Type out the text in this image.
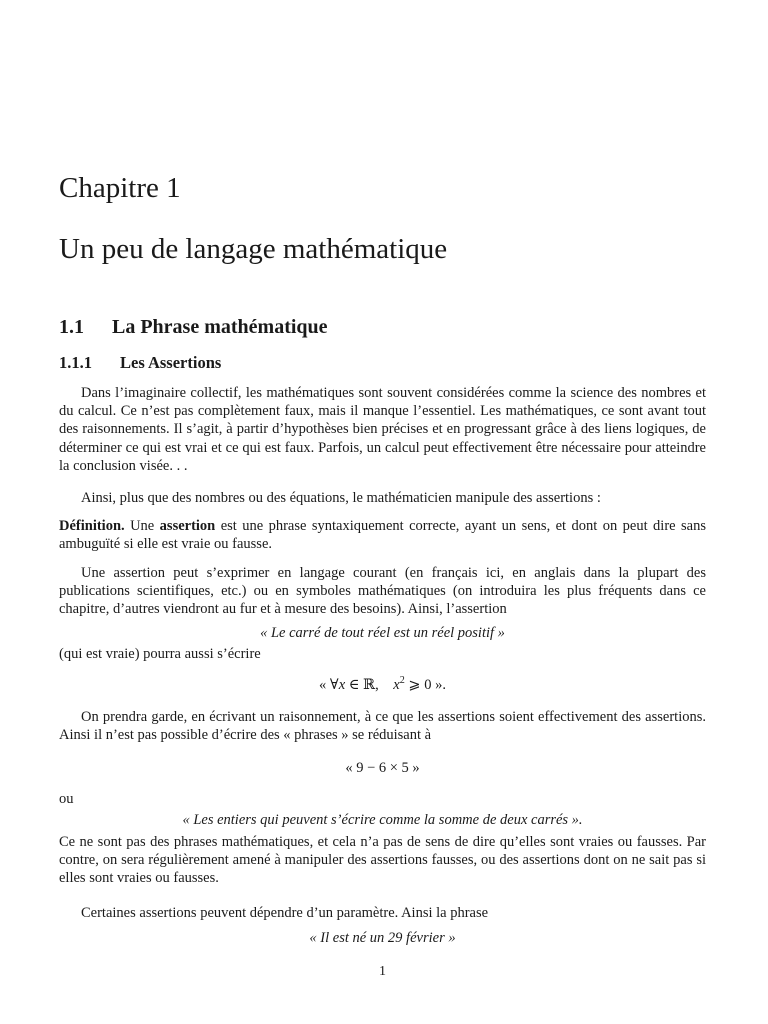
Chapitre 1
Un peu de langage mathématique
1.1 La Phrase mathématique
1.1.1 Les Assertions
Dans l’imaginaire collectif, les mathématiques sont souvent considérées comme la science des nombres et du calcul. Ce n’est pas complètement faux, mais il manque l’essentiel. Les mathématiques, ce sont avant tout des raisonnements. Il s’agit, à partir d’hypothèses bien précises et en progressant grâce à des liens logiques, de déterminer ce qui est vrai et ce qui est faux. Parfois, un calcul peut effectivement être nécessaire pour atteindre la conclusion visée. . .
Ainsi, plus que des nombres ou des équations, le mathématicien manipule des assertions :
Définition. Une assertion est une phrase syntaxiquement correcte, ayant un sens, et dont on peut dire sans ambuguïté si elle est vraie ou fausse.
Une assertion peut s’exprimer en langage courant (en français ici, en anglais dans la plupart des publications scientifiques, etc.) ou en symboles mathématiques (on introduira les plus fréquents dans ce chapitre, d’autres viendront au fur et à mesure des besoins). Ainsi, l’assertion
« Le carré de tout réel est un réel positif »
(qui est vraie) pourra aussi s’écrire
« ∀x ∈ ℝ,    $x^2$ ⩾ 0 ».
On prendra garde, en écrivant un raisonnement, à ce que les assertions soient effectivement des assertions. Ainsi il n’est pas possible d’écrire des « phrases » se réduisant à
« 9 − 6 × 5 »
ou
« Les entiers qui peuvent s’écrire comme la somme de deux carrés ».
Ce ne sont pas des phrases mathématiques, et cela n’a pas de sens de dire qu’elles sont vraies ou fausses. Par contre, on sera régulièrement amené à manipuler des assertions fausses, ou des assertions dont on ne sait pas si elles sont vraies ou fausses.
Certaines assertions peuvent dépendre d’un paramètre. Ainsi la phrase
« Il est né un 29 février »
1
